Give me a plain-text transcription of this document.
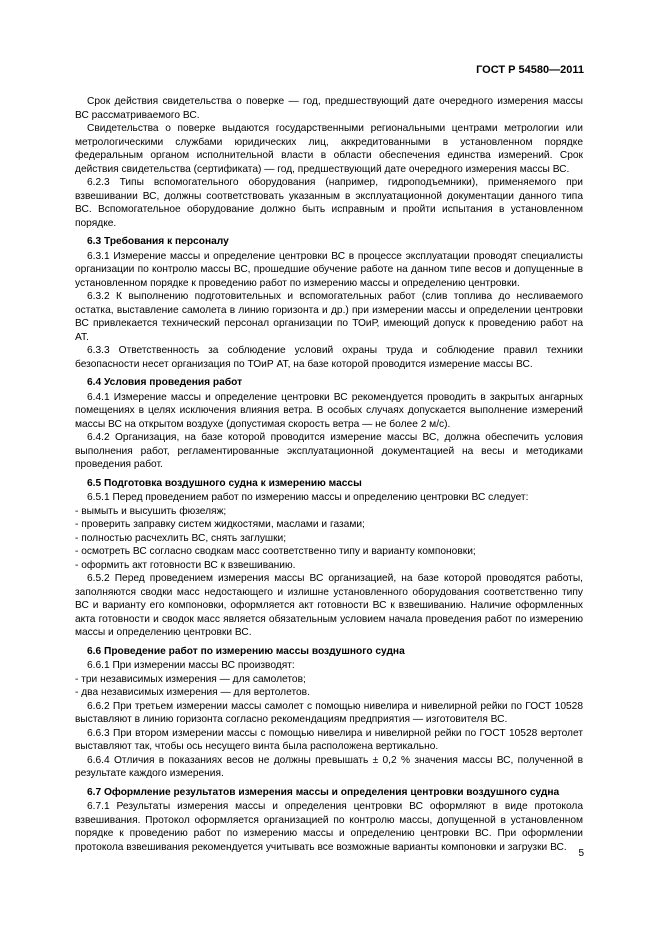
ГОСТ Р 54580—2011

Срок действия свидетельства о поверке — год, предшествующий дате очередного измерения массы ВС рассматриваемого ВС.

Свидетельства о поверке выдаются государственными региональными центрами метрологии или метрологическими службами юридических лиц, аккредитованными в установленном порядке федеральным органом исполнительной власти в области обеспечения единства измерений. Срок действия свидетельства (сертификата) — год, предшествующий дате очередного измерения массы ВС.

6.2.3 Типы вспомогательного оборудования (например, гидроподъемники), применяемого при взвешивании ВС, должны соответствовать указанным в эксплуатационной документации данного типа ВС. Вспомогательное оборудование должно быть исправным и пройти испытания в установленном порядке.

6.3 Требования к персоналу

6.3.1 Измерение массы и определение центровки ВС в процессе эксплуатации проводят специалисты организации по контролю массы ВС, прошедшие обучение работе на данном типе весов и допущенные в установленном порядке к проведению работ по измерению массы и определению центровки.

6.3.2 К выполнению подготовительных и вспомогательных работ (слив топлива до несливаемого остатка, выставление самолета в линию горизонта и др.) при измерении массы и определении центровки ВС привлекается технический персонал организации по ТОиР, имеющий допуск к проведению работ на АТ.

6.3.3 Ответственность за соблюдение условий охраны труда и соблюдение правил техники безопасности несет организация по ТОиР АТ, на базе которой проводится измерение массы ВС.

6.4 Условия проведения работ

6.4.1 Измерение массы и определение центровки ВС рекомендуется проводить в закрытых ангарных помещениях в целях исключения влияния ветра. В особых случаях допускается выполнение измерений массы ВС на открытом воздухе (допустимая скорость ветра — не более 2 м/с).

6.4.2 Организация, на базе которой проводится измерение массы ВС, должна обеспечить условия выполнения работ, регламентированные эксплуатационной документацией на весы и методиками проведения работ.

6.5 Подготовка воздушного судна к измерению массы

6.5.1 Перед проведением работ по измерению массы и определению центровки ВС следует:

- вымыть и высушить фюзеляж;

- проверить заправку систем жидкостями, маслами и газами;

- полностью расчехлить ВС, снять заглушки;

- осмотреть ВС согласно сводкам масс соответственно типу и варианту компоновки;

- оформить акт готовности ВС к взвешиванию.

6.5.2 Перед проведением измерения массы ВС организацией, на базе которой проводятся работы, заполняются сводки масс недостающего и излишне установленного оборудования соответственно типу ВС и варианту его компоновки, оформляется акт готовности ВС к взвешиванию. Наличие оформленных акта готовности и сводок масс является обязательным условием начала проведения работ по измерению массы и определению центровки ВС.

6.6 Проведение работ по измерению массы воздушного судна

6.6.1 При измерении массы ВС производят:

- три независимых измерения — для самолетов;

- два независимых измерения — для вертолетов.

6.6.2 При третьем измерении массы самолет с помощью нивелира и нивелирной рейки по ГОСТ 10528 выставляют в линию горизонта согласно рекомендациям предприятия — изготовителя ВС.

6.6.3 При втором измерении массы с помощью нивелира и нивелирной рейки по ГОСТ 10528 вертолет выставляют так, чтобы ось несущего винта была расположена вертикально.

6.6.4 Отличия в показаниях весов не должны превышать ± 0,2 % значения массы ВС, полученной в результате каждого измерения.

6.7 Оформление результатов измерения массы и определения центровки воздушного судна

6.7.1 Результаты измерения массы и определения центровки ВС оформляют в виде протокола взвешивания. Протокол оформляется организацией по контролю массы, допущенной в установленном порядке к проведению работ по измерению массы и определению центровки ВС. При оформлении протокола взвешивания рекомендуется учитывать все возможные варианты компоновки и загрузки ВС.

5
